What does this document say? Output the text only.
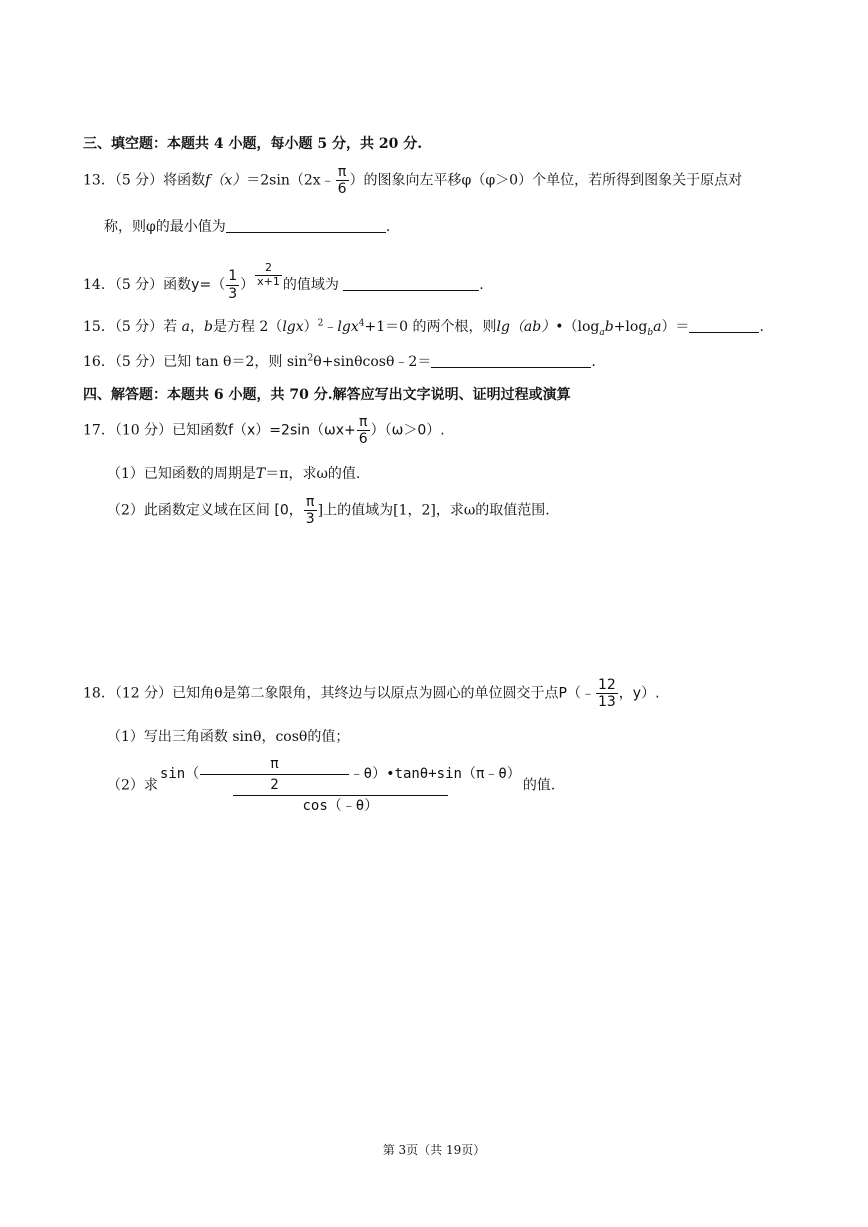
三、填空题：本题共 4 小题，每小题 5 分，共 20 分.
13．（5 分）将函数f（x）＝2sin（2x﹣ $\frac{\pi}{6}$ ）的图象向左平移φ（φ＞0）个单位，若所得到图象关于原点对
称，则φ的最小值为	.
14．（5 分）函数$y=( \frac{1}{3}$ ） $\frac{2}{x+1}$ 的值域为	.
15．（5 分）若 a，b是方程 $2(\lg x)^2﹣\lg x^4+1=0$ 的两个根，则$\lg(ab)•(\log_ab+\log_ba)=$	.
16．（5 分）已知 tan θ＝2，则 $\sin^2\theta+\sin\theta\cos\theta﹣2=$	.
四、解答题：本题共 6 小题，共 70 分.解答应写出文字说明、证明过程或演算
17．（10 分）已知函数$f(x)=2\sin(\omega x+ \frac{\pi}{6} )(\omega>0)$.
（1）已知函数的周期是T＝π，求ω的值.
（2）此函数定义域在区间 [0， $\frac{\pi}{3}$ ]上的值域为[1，2]，求ω的取值范围.
18．（12 分）已知角θ是第二象限角，其终边与以原点为圆心的单位圆交于点P（﹣ $\frac{12}{13}$ ，y）.
（1）写出三角函数 sinθ，cosθ的值；
（2）求 $\frac{\sin( \frac{\pi}{2} ﹣\theta)•\tan\theta+\sin(\pi﹣\theta)}{\cos(﹣\theta)}$ 的值.
第 3页（共 19页）
